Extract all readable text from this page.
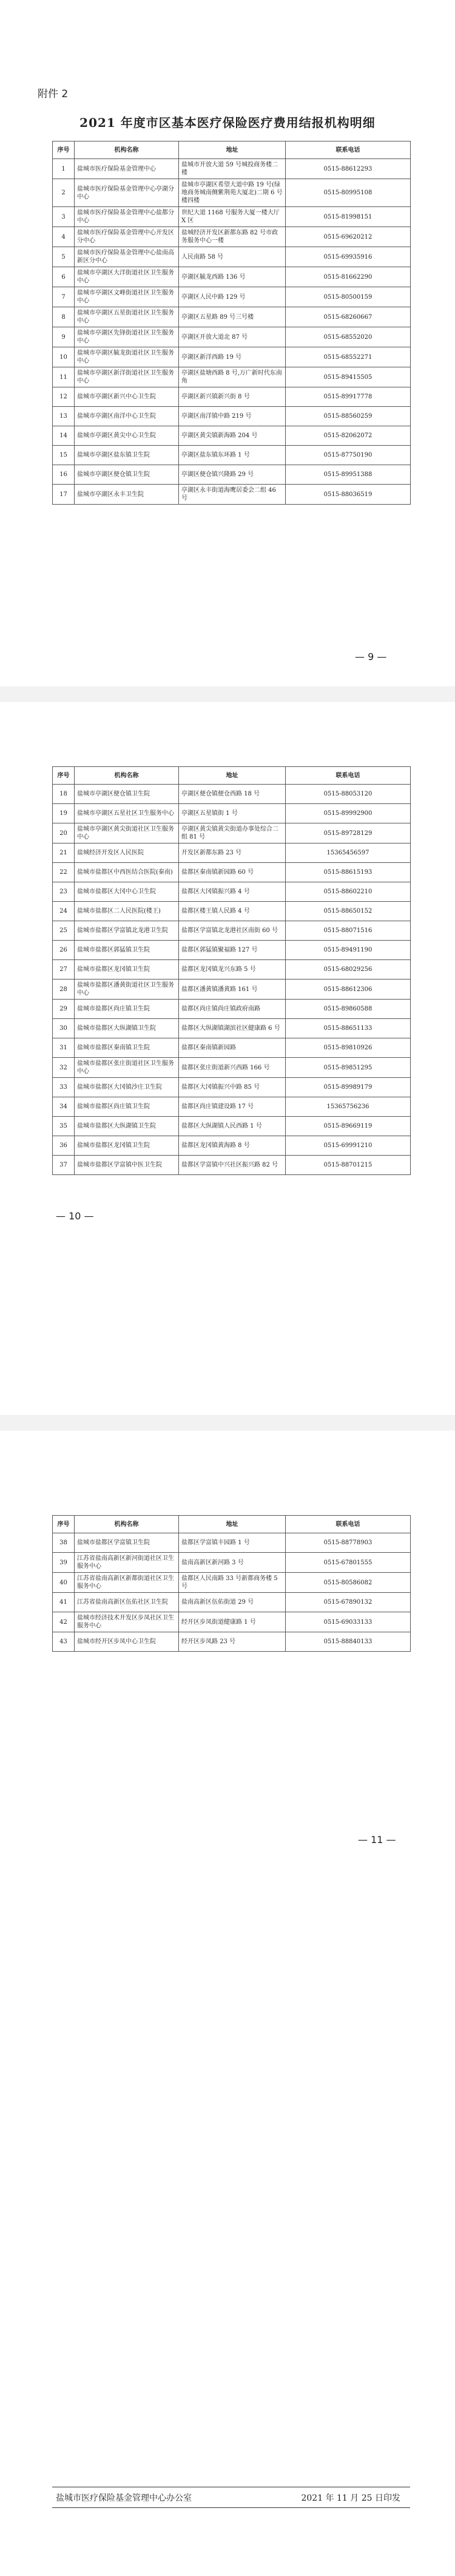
附件 2
2021 年度市区基本医疗保险医疗费用结报机构明细
序号	机构名称	地址	联系电话
1	盐城市医疗保险基金管理中心	盐城市开放大道 59 号城投商务楼二楼	0515-88612293
2	盐城市医疗保险基金管理中心亭湖分中心	盐城市亭湖区希望大道中路 19 号(绿地商务城南侧紫荆苑大厦北)二期 6 号楼四楼	0515-80995108
3	盐城市医疗保险基金管理中心盐都分中心	世纪大道 1168 号服务大厦一楼大厅 X 区	0515-81998151
4	盐城市医疗保险基金管理中心开发区分中心	盐城经济开发区新都东路 82 号市政务服务中心一楼	0515-69620212
5	盐城市医疗保险基金管理中心盐南高新区分中心	人民南路 58 号	0515-69935916
6	盐城市亭湖区大洋街道社区卫生服务中心	亭湖区毓龙西路 136 号	0515-81662290
7	盐城市亭湖区文峰街道社区卫生服务中心	亭湖区人民中路 129 号	0515-80500159
8	盐城市亭湖区五星街道社区卫生服务中心	亭湖区五星路 89 号三号楼	0515-68260667
9	盐城市亭湖区先锋街道社区卫生服务中心	亭湖区开放大道北 87 号	0515-68552020
10	盐城市亭湖区毓龙街道社区卫生服务中心	亭湖区新洋西路 19 号	0515-68552271
11	盐城市亭湖区新洋街道社区卫生服务中心	亭湖区盐塘西路 8 号,万广新时代东南角	0515-89415505
12	盐城市亭湖区新兴中心卫生院	亭湖区新兴镇新兴街 8 号	0515-89917778
13	盐城市亭湖区南洋中心卫生院	亭湖区南洋镇中路 219 号	0515-88560259
14	盐城市亭湖区黄尖中心卫生院	亭湖区黄尖镇新海路 204 号	0515-82062072
15	盐城市亭湖区盐东镇卫生院	亭湖区盐东镇东环路 1 号	0515-87750190
16	盐城市亭湖区便仓镇卫生院	亭湖区便仓镇兴隆路 29 号	0515-89951388
17	盐城市亭湖区永丰卫生院	亭湖区永丰街道海鹰居委会二组 46 号	0515-88036519
— 9 —
序号	机构名称	地址	联系电话
18	盐城市亭湖区便仓镇卫生院	亭湖区便仓镇便仓西路 18 号	0515-88053120
19	盐城市亭湖区五星社区卫生服务中心	亭湖区五星镇街 1 号	0515-89992900
20	盐城市亭湖区黄尖街道社区卫生服务中心	亭湖区黄尖镇黄尖街道办事处综合二组 81 号	0515-89728129
21	盐城经济开发区人民医院	开发区新都东路 23 号	15365456597
22	盐城市盐都区中西医结合医院(秦南)	盐都区秦南镇新园路 60 号	0515-88615193
23	盐城市盐都区大冈中心卫生院	盐都区大冈镇振兴路 4 号	0515-88602210
24	盐城市盐都区二人民医院(楼王)	盐都区楼王镇人民路 4 号	0515-88650152
25	盐城市盐都区学富镇北龙港卫生院	盐都区学富镇北龙港社区南街 60 号	0515-88071516
26	盐城市盐都区郭猛镇卫生院	盐都区郭猛镇聚福路 127 号	0515-89491190
27	盐城市盐都区龙冈镇卫生院	盐都区龙冈镇龙兴东路 5 号	0515-68029256
28	盐城市盐都区潘黄街道社区卫生服务中心	盐都区潘黄镇潘黄路 161 号	0515-88612306
29	盐城市盐都区尚庄镇卫生院	盐都区尚庄镇尚庄镇政府南路	0515-89860588
30	盐城市盐都区大纵湖镇卫生院	盐都区大纵湖镇湖滨社区健康路 6 号	0515-88651133
31	盐城市盐都区秦南镇卫生院	盐都区秦南镇新园路	0515-89810926
32	盐城市盐都区张庄街道社区卫生服务中心	盐都区张庄街道新兴西路 166 号	0515-89851295
33	盐城市盐都区大冈镇沙庄卫生院	盐都区大冈镇振兴中路 85 号	0515-89989179
34	盐城市盐都区尚庄镇卫生院	盐都区尚庄镇建设路 17 号	15365756236
35	盐城市盐都区大纵湖镇卫生院	盐都区大纵湖镇人民西路 1 号	0515-89669119
36	盐城市盐都区龙冈镇卫生院	盐都区龙冈镇黄海路 8 号	0515-69991210
37	盐城市盐都区学富镇中医卫生院	盐都区学富镇中兴社区振兴路 82 号	0515-88701215
— 10 —
序号	机构名称	地址	联系电话
38	盐城市盐都区学富镇卫生院	盐都区学富镇丰园路 1 号	0515-88778903
39	江苏省盐南高新区新河街道社区卫生服务中心	盐南高新区新河路 3 号	0515-67801555
40	江苏省盐南高新区新都街道社区卫生服务中心	盐都区人民南路 33 号新都商务楼 5 号	0515-80586082
41	江苏省盐南高新区伍佑社区卫生院	盐南高新区伍佑街道 29 号	0515-67890132
42	盐城市经济技术开发区步凤社区卫生服务中心	经开区步凤街道健康路 1 号	0515-69033133
43	盐城市经开区步凤中心卫生院	经开区步凤路 23 号	0515-88840133
— 11 —
盐城市医疗保险基金管理中心办公室	2021 年 11 月 25 日印发
